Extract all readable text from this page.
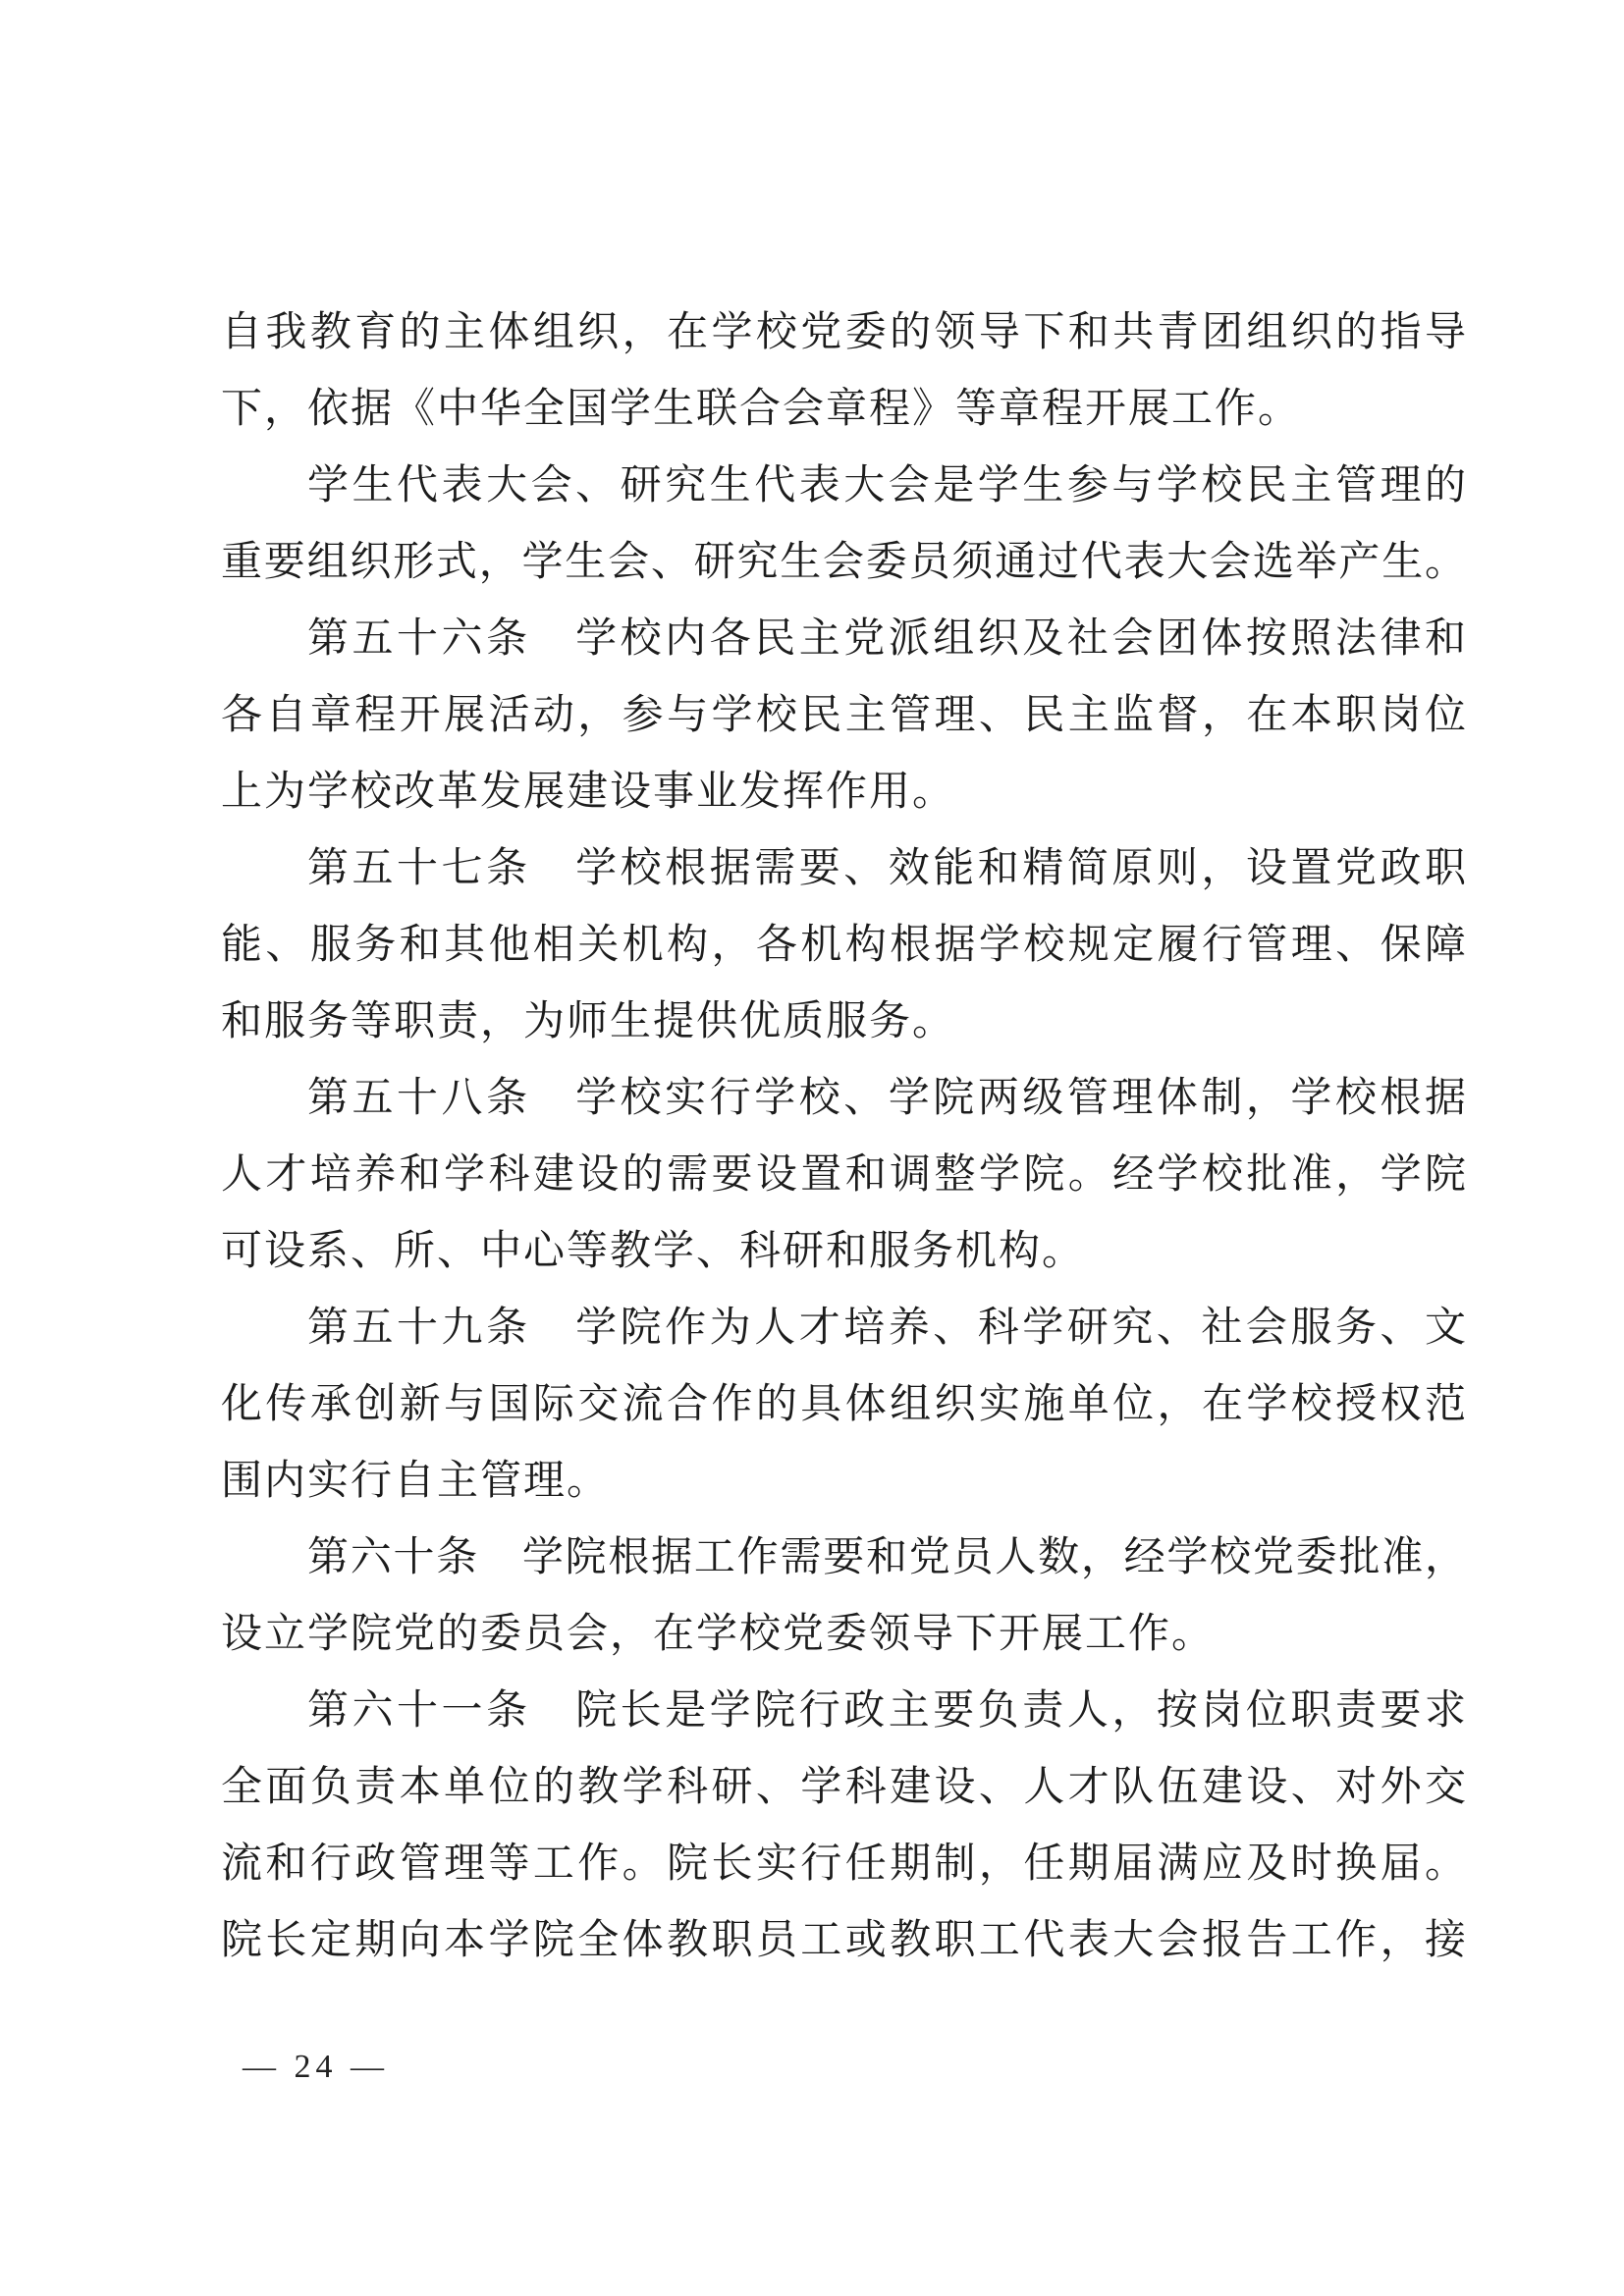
自我教育的主体组织，在学校党委的领导下和共青团组织的指导
下，依据《中华全国学生联合会章程》等章程开展工作。
学生代表大会、研究生代表大会是学生参与学校民主管理的
重要组织形式，学生会、研究生会委员须通过代表大会选举产生。
第五十六条　学校内各民主党派组织及社会团体按照法律和
各自章程开展活动，参与学校民主管理、民主监督，在本职岗位
上为学校改革发展建设事业发挥作用。
第五十七条　学校根据需要、效能和精简原则，设置党政职
能、服务和其他相关机构，各机构根据学校规定履行管理、保障
和服务等职责，为师生提供优质服务。
第五十八条　学校实行学校、学院两级管理体制，学校根据
人才培养和学科建设的需要设置和调整学院。经学校批准，学院
可设系、所、中心等教学、科研和服务机构。
第五十九条　学院作为人才培养、科学研究、社会服务、文
化传承创新与国际交流合作的具体组织实施单位，在学校授权范
围内实行自主管理。
第六十条　学院根据工作需要和党员人数，经学校党委批准，
设立学院党的委员会，在学校党委领导下开展工作。
第六十一条　院长是学院行政主要负责人，按岗位职责要求
全面负责本单位的教学科研、学科建设、人才队伍建设、对外交
流和行政管理等工作。院长实行任期制，任期届满应及时换届。
院长定期向本学院全体教职员工或教职工代表大会报告工作，接
— 24 —
